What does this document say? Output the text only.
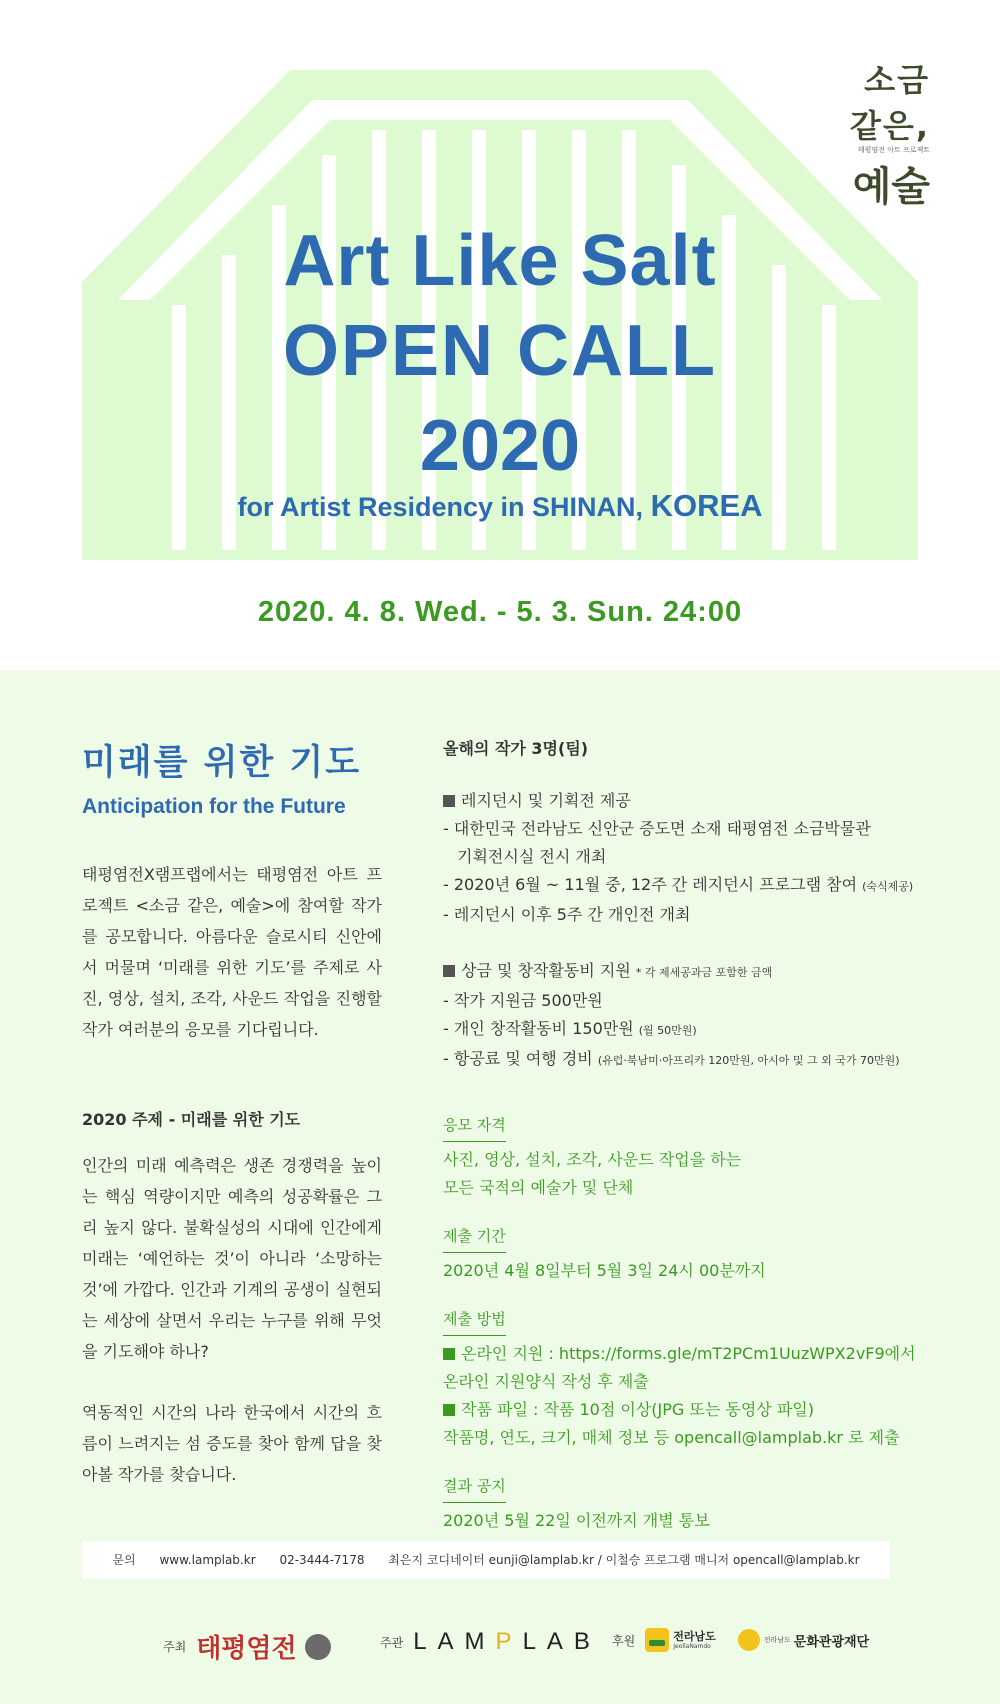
소금 같은,
태평염전 아트 프로젝트
예술
Art Like Salt
OPEN CALL
2020
for Artist Residency in SHINAN, KOREA
2020. 4. 8. Wed. - 5. 3. Sun. 24:00
미래를 위한 기도
Anticipation for the Future
태평염전X램프랩에서는 태평염전 아트 프로젝트 <소금 같은, 예술>에 참여할 작가를 공모합니다. 아름다운 슬로시티 신안에서 머물며 ‘미래를 위한 기도’를 주제로 사진, 영상, 설치, 조각, 사운드 작업을 진행할 작가 여러분의 응모를 기다립니다.
2020 주제 - 미래를 위한 기도
인간의 미래 예측력은 생존 경쟁력을 높이는 핵심 역량이지만 예측의 성공확률은 그리 높지 않다. 불확실성의 시대에 인간에게 미래는 ‘예언하는 것’이 아니라 ‘소망하는 것’에 가깝다. 인간과 기계의 공생이 실현되는 세상에 살면서 우리는 누구를 위해 무엇을 기도해야 하나?
역동적인 시간의 나라 한국에서 시간의 흐름이 느려지는 섬 증도를 찾아 함께 답을 찾아볼 작가를 찾습니다.
올해의 작가 3명(팀)
레지던시 및 기획전 제공
- 대한민국 전라남도 신안군 증도면 소재 태평염전 소금박물관
기획전시실 전시 개최
- 2020년 6월 ~ 11월 중, 12주 간 레지던시 프로그램 참여 (숙식제공)
- 레지던시 이후 5주 간 개인전 개최
상금 및 창작활동비 지원 * 각 제세공과금 포함한 금액
- 작가 지원금 500만원
- 개인 창작활동비 150만원 (월 50만원)
- 항공료 및 여행 경비 (유럽·북남미·아프리카 120만원, 아시아 및 그 외 국가 70만원)
응모 자격
사진, 영상, 설치, 조각, 사운드 작업을 하는
모든 국적의 예술가 및 단체
제출 기간
2020년 4월 8일부터 5월 3일 24시 00분까지
제출 방법
온라인 지원 : https://forms.gle/mT2PCm1UuzWPX2vF9에서
온라인 지원양식 작성 후 제출
작품 파일 : 작품 10점 이상(JPG 또는 동영상 파일)
작품명, 연도, 크기, 매체 정보 등 opencall@lamplab.kr 로 제출
결과 공지
2020년 5월 22일 이전까지 개별 통보
문의 www.lamplab.kr 02-3444-7178 최은지 코디네이터 eunji@lamplab.kr / 이철승 프로그램 매니저 opencall@lamplab.kr
주최 태평염전	주관 LAMPLAB 후원	전라남도
JeollaNamdo
전라남도 문화관광재단
